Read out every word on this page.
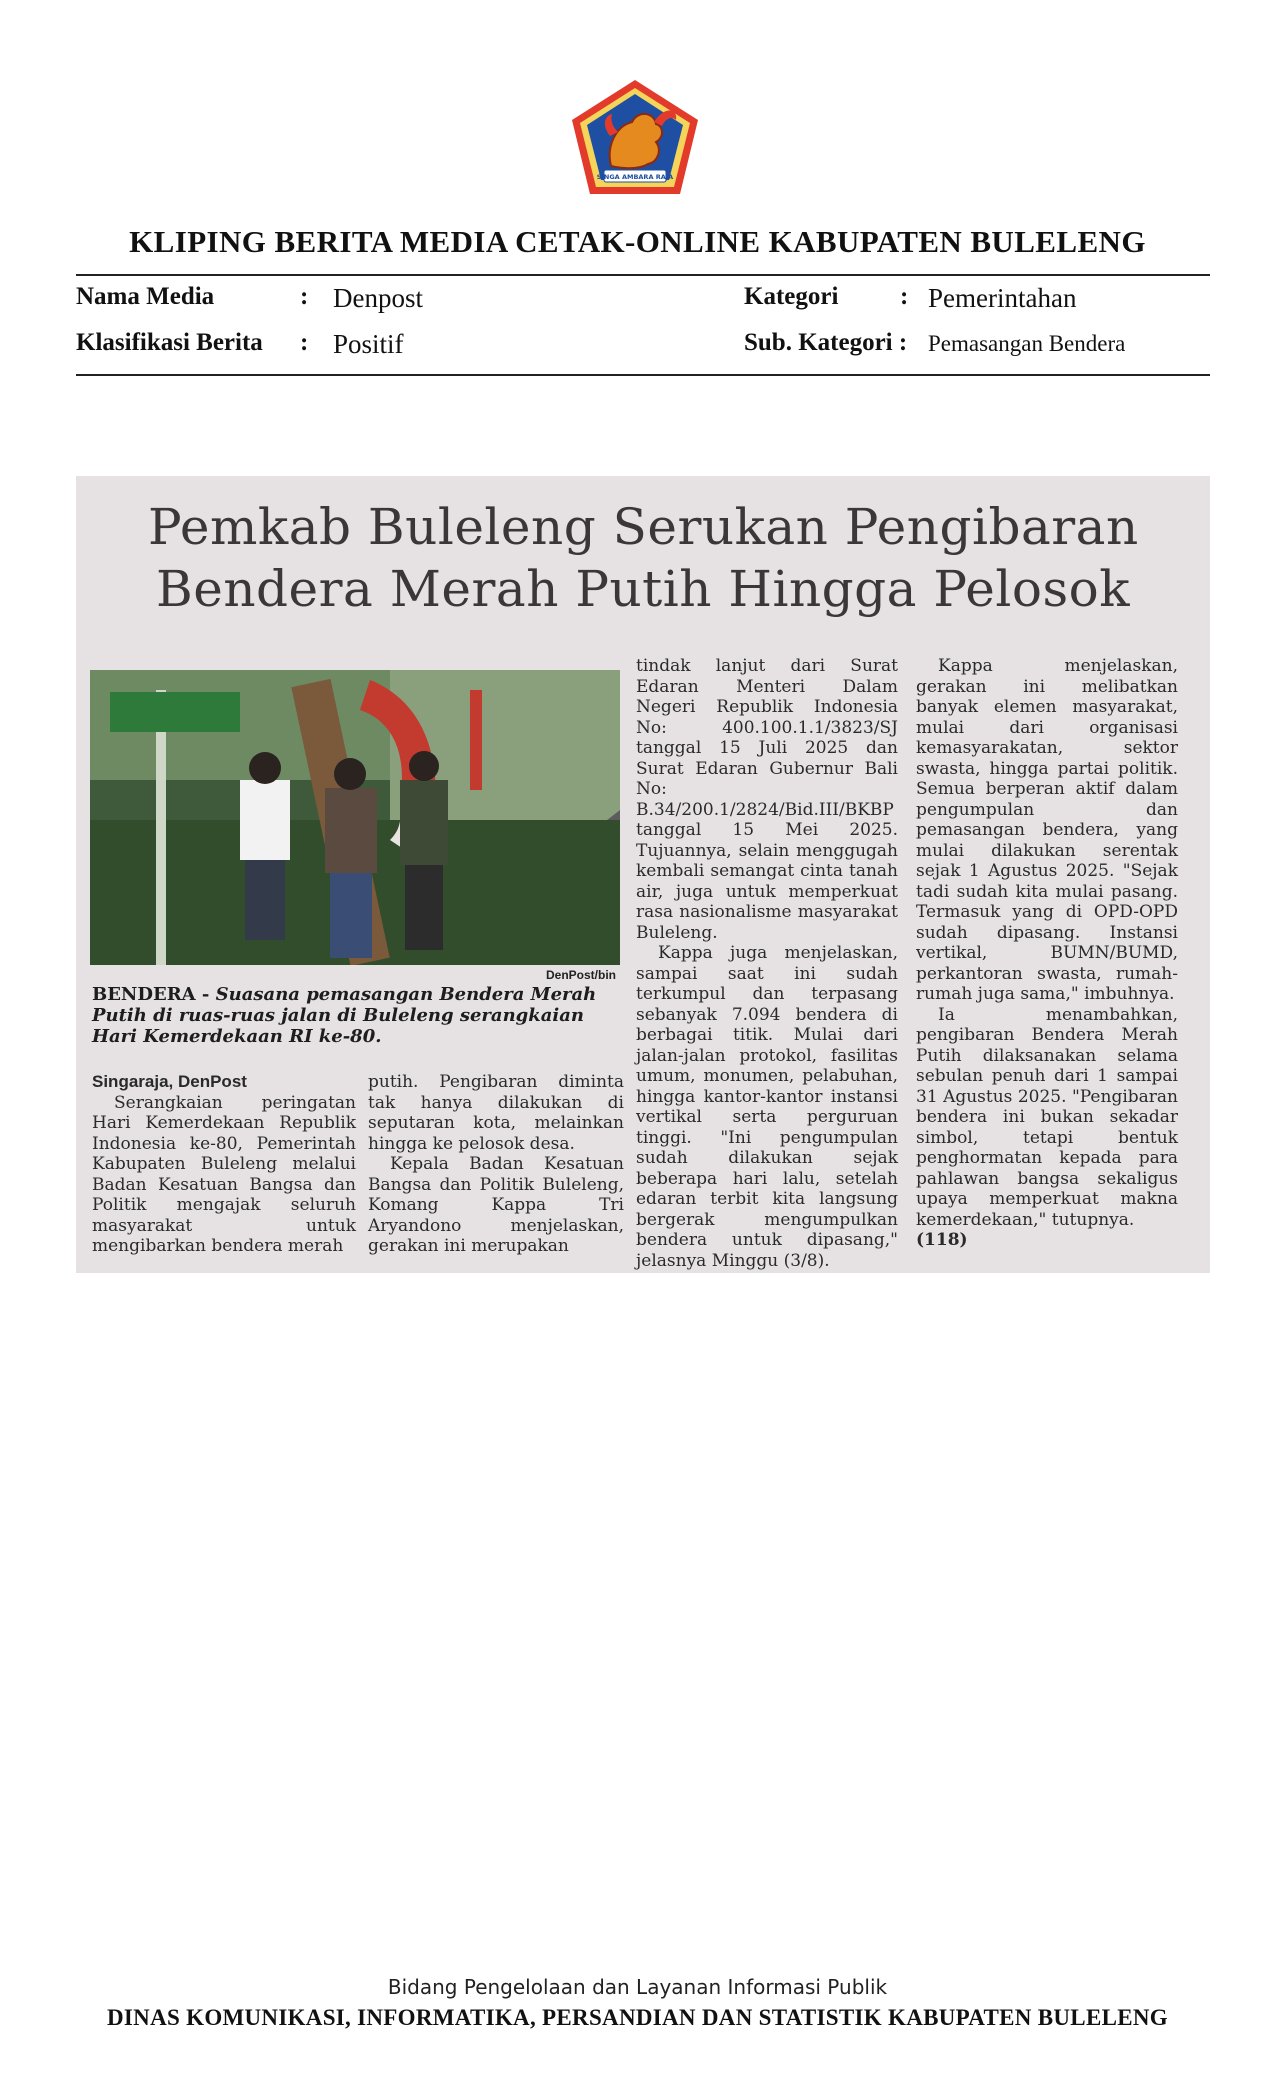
SINGA AMBARA RAJA
KLIPING BERITA MEDIA CETAK-ONLINE KABUPATEN BULELENG
Nama Media	: Denpost	Kategori : Pemerintahan
Klasifikasi Berita : Positif	Sub. Kategori : Pemasangan Bendera
Pemkab Buleleng Serukan Pengibaran
Bendera Merah Putih Hingga Pelosok
DenPost/bin
BENDERA - Suasana pemasangan Bendera Merah Putih di ruas-ruas jalan di Buleleng serangkaian Hari Kemerdekaan RI ke-80.

Singaraja, DenPost

Serangkaian peringatan Hari Kemerdekaan Republik Indonesia ke-80, Pemerintah Kabupaten Buleleng melalui Badan Kesatuan Bangsa dan Politik mengajak seluruh masyarakat untuk mengibarkan bendera merah

putih. Pengibaran diminta tak hanya dilakukan di seputaran kota, melainkan hingga ke pelosok desa.

Kepala Badan Kesatuan Bangsa dan Politik Buleleng, Komang Kappa Tri Aryandono menjelaskan, gerakan ini merupakan

tindak lanjut dari Surat Edaran Menteri Dalam Negeri Republik Indonesia No: 400.100.1.1/3823/SJ tanggal 15 Juli 2025 dan Surat Edaran Gubernur Bali No: B.34/200.1/2824/Bid.III/BKBP tanggal 15 Mei 2025. Tujuannya, selain menggugah kembali semangat cinta tanah air, juga untuk memperkuat rasa nasionalisme masyarakat Buleleng.

Kappa juga menjelaskan, sampai saat ini sudah terkumpul dan terpasang sebanyak 7.094 bendera di berbagai titik. Mulai dari jalan-jalan protokol, fasilitas umum, monumen, pelabuhan, hingga kantor-kantor instansi vertikal serta perguruan tinggi. "Ini pengumpulan sudah dilakukan sejak beberapa hari lalu, setelah edaran terbit kita langsung bergerak mengumpulkan bendera untuk dipasang," jelasnya Minggu (3/8).

Kappa menjelaskan, gerakan ini melibatkan banyak elemen masyarakat, mulai dari organisasi kemasyarakatan, sektor swasta, hingga partai politik. Semua berperan aktif dalam pengumpulan dan pemasangan bendera, yang mulai dilakukan serentak sejak 1 Agustus 2025. "Sejak tadi sudah kita mulai pasang. Termasuk yang di OPD-OPD sudah dipasang. Instansi vertikal, BUMN/BUMD, perkantoran swasta, rumah-rumah juga sama," imbuhnya.

Ia menambahkan, pengibaran Bendera Merah Putih dilaksanakan selama sebulan penuh dari 1 sampai 31 Agustus 2025. "Pengibaran bendera ini bukan sekadar simbol, tetapi bentuk penghormatan kepada para pahlawan bangsa sekaligus upaya memperkuat makna kemerdekaan," tutupnya.

(118)

Bidang Pengelolaan dan Layanan Informasi Publik
DINAS KOMUNIKASI, INFORMATIKA, PERSANDIAN DAN STATISTIK KABUPATEN BULELENG
